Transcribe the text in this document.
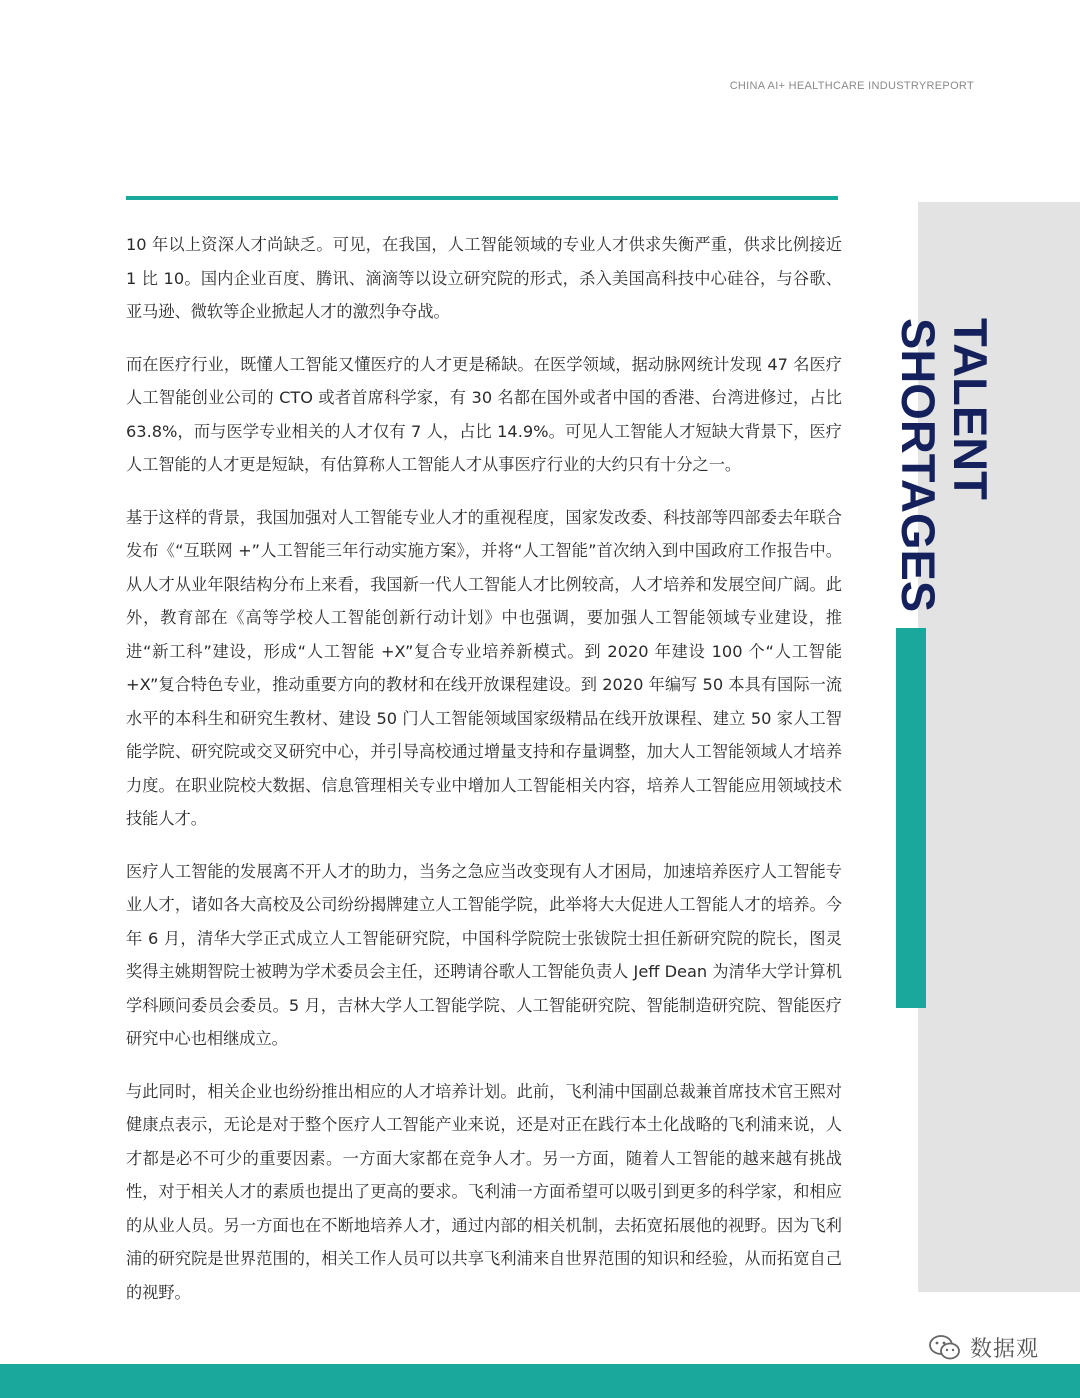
CHINA AI+ HEALTHCARE INDUSTRYREPORT
TALENT
SHORTAGES

10 年以上资深人才尚缺乏。可见，在我国，人工智能领域的专业人才供求失衡严重，供求比例接近 1 比 10。国内企业百度、腾讯、滴滴等以设立研究院的形式，杀入美国高科技中心硅谷，与谷歌、亚马逊、微软等企业掀起人才的激烈争夺战。

而在医疗行业，既懂人工智能又懂医疗的人才更是稀缺。在医学领域，据动脉网统计发现 47 名医疗人工智能创业公司的 CTO 或者首席科学家，有 30 名都在国外或者中国的香港、台湾进修过，占比 63.8%，而与医学专业相关的人才仅有 7 人，占比 14.9%。可见人工智能人才短缺大背景下，医疗人工智能的人才更是短缺，有估算称人工智能人才从事医疗行业的大约只有十分之一。

基于这样的背景，我国加强对人工智能专业人才的重视程度，国家发改委、科技部等四部委去年联合发布《“互联网 +”人工智能三年行动实施方案》，并将“人工智能”首次纳入到中国政府工作报告中。从人才从业年限结构分布上来看，我国新一代人工智能人才比例较高，人才培养和发展空间广阔。此外，教育部在《高等学校人工智能创新行动计划》中也强调，要加强人工智能领域专业建设，推进“新工科”建设，形成“人工智能 +X”复合专业培养新模式。到 2020 年建设 100 个“人工智能 +X”复合特色专业，推动重要方向的教材和在线开放课程建设。到 2020 年编写 50 本具有国际一流水平的本科生和研究生教材、建设 50 门人工智能领域国家级精品在线开放课程、建立 50 家人工智能学院、研究院或交叉研究中心，并引导高校通过增量支持和存量调整，加大人工智能领域人才培养力度。在职业院校大数据、信息管理相关专业中增加人工智能相关内容，培养人工智能应用领域技术技能人才。

医疗人工智能的发展离不开人才的助力，当务之急应当改变现有人才困局，加速培养医疗人工智能专业人才，诸如各大高校及公司纷纷揭牌建立人工智能学院，此举将大大促进人工智能人才的培养。今年 6 月，清华大学正式成立人工智能研究院，中国科学院院士张钹院士担任新研究院的院长，图灵奖得主姚期智院士被聘为学术委员会主任，还聘请谷歌人工智能负责人 Jeff Dean 为清华大学计算机学科顾问委员会委员。5 月，吉林大学人工智能学院、人工智能研究院、智能制造研究院、智能医疗研究中心也相继成立。

与此同时，相关企业也纷纷推出相应的人才培养计划。此前，飞利浦中国副总裁兼首席技术官王熙对健康点表示，无论是对于整个医疗人工智能产业来说，还是对正在践行本土化战略的飞利浦来说，人才都是必不可少的重要因素。一方面大家都在竞争人才。另一方面，随着人工智能的越来越有挑战性，对于相关人才的素质也提出了更高的要求。飞利浦一方面希望可以吸引到更多的科学家，和相应的从业人员。另一方面也在不断地培养人才，通过内部的相关机制，去拓宽拓展他的视野。因为飞利浦的研究院是世界范围的，相关工作人员可以共享飞利浦来自世界范围的知识和经验，从而拓宽自己的视野。

数据观
